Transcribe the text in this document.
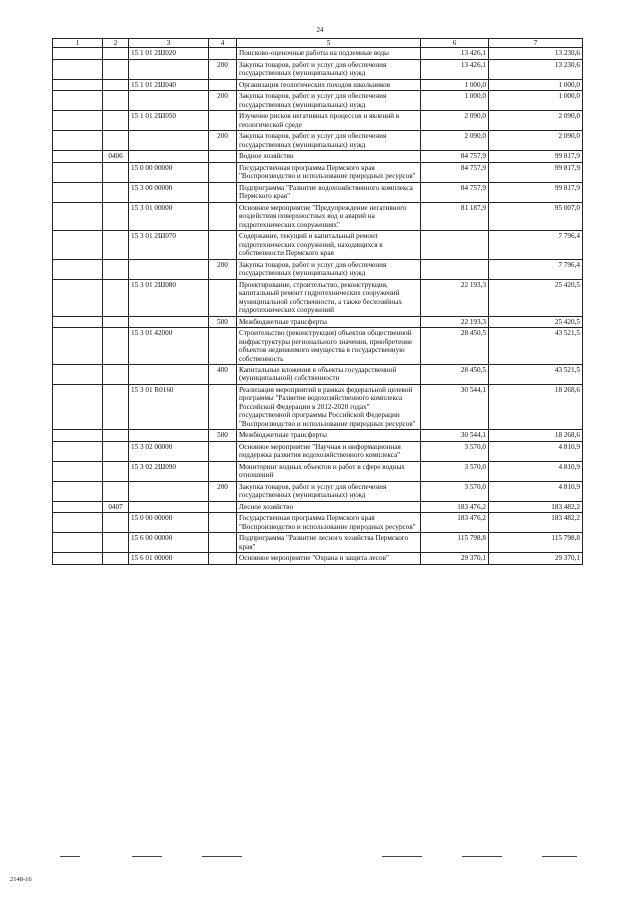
24
1	2	3	4	5	6	7
		15 1 01 2Ш020		Поисково-оценочные работы на подземные воды	13 426,1	13 230,6
			200	Закупка товаров, работ и услуг для обеспечения государственных (муниципальных) нужд	13 426,1	13 230,6
		15 1 01 2Ш040		Организация геологических походов школьников	1 000,0	1 000,0
			200	Закупка товаров, работ и услуг для обеспечения государственных (муниципальных) нужд	1 000,0	1 000,0
		15 1 01 2Ш050		Изучение рисков негативных процессов и явлений в геологической среде	2 090,0	2 090,0
			200	Закупка товаров, работ и услуг для обеспечения государственных (муниципальных) нужд	2 090,0	2 090,0
	0406			Водное хозяйство	84 757,9	99 817,9
		15 0 00 00000		Государственная программа Пермского края "Воспроизводство и использование природных ресурсов"	84 757,9	99 817,9
		15 3 00 00000		Подпрограмма "Развитие водохозяйственного комплекса Пермского края"	84 757,9	99 817,9
		15 3 01 00000		Основное мероприятие "Предупреждение негативного воздействия поверхностных вод и аварий на гидротехнических сооружениях"	81 187,9	95 007,0
		15 3 01 2Ш070		Содержание, текущий и капитальный ремонт гидротехнических сооружений, находящихся в собственности Пермского края		7 796,4
			200	Закупка товаров, работ и услуг для обеспечения государственных (муниципальных) нужд		7 796,4
		15 3 01 2Ш080		Проектирование, строительство, реконструкция, капитальный ремонт гидротехнических сооружений муниципальной собственности, а также бесхозяйных гидротехнических сооружений	22 193,3	25 420,5
			500	Межбюджетные трансферты	22 193,3	25 420,5
		15 3 01 42000		Строительство (реконструкция) объектов общественной инфраструктуры регионального значения, приобретение объектов недвижимого имущества в государственную собственность	28 450,5	43 521,5
			400	Капитальные вложения в объекты государственной (муниципальной) собственности	28 450,5	43 521,5
		15 3 01 R0160		Реализация мероприятий в рамках федеральной целевой программы "Развитие водохозяйственного комплекса Российской Федерации в 2012-2020 годах" государственной программы Российской Федерации "Воспроизводство и использование природных ресурсов"	30 544,1	18 268,6
			500	Межбюджетные трансферты	30 544,1	18 268,6
		15 3 02 00000		Основное мероприятие "Научная и информационная поддержка развития водохозяйственного комплекса"	3 570,0	4 810,9
		15 3 02 2Ш090		Мониторинг водных объектов и работ в сфере водных отношений	3 570,0	4 810,9
			200	Закупка товаров, работ и услуг для обеспечения государственных (муниципальных) нужд	3 570,0	4 810,9
	0407			Лесное хозяйство	183 476,2	183 482,2
		15 0 00 00000		Государственная программа Пермского края "Воспроизводство и использование природных ресурсов"	183 476,2	183 482,2
		15 6 00 00000		Подпрограмма "Развитие лесного хозяйства Пермского края"	115 798,8	115 798,8
		15 6 01 00000		Основное мероприятие "Охрана и защита лесов"	29 370,1	29 370,1
2148-16
